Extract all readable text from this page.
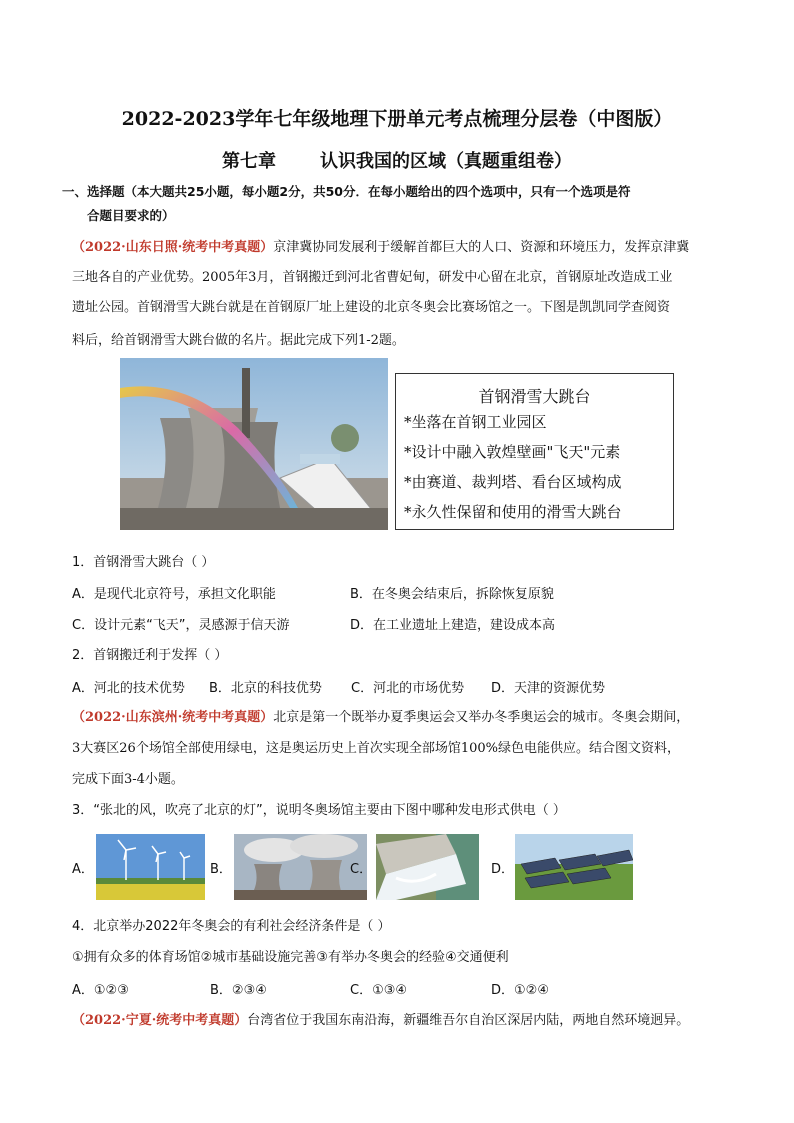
2022-2023学年七年级地理下册单元考点梳理分层卷（中图版）
第七章 认识我国的区域（真题重组卷）
一、选择题（本大题共25小题，每小题2分，共50分．在每小题给出的四个选项中，只有一个选项是符
合题目要求的）
（2022·山东日照·统考中考真题）京津冀协同发展利于缓解首都巨大的人口、资源和环境压力，发挥京津冀
三地各自的产业优势。2005年3月，首钢搬迁到河北省曹妃甸，研发中心留在北京，首钢原址改造成工业
遗址公园。首钢滑雪大跳台就是在首钢原厂址上建设的北京冬奥会比赛场馆之一。下图是凯凯同学查阅资
料后，给首钢滑雪大跳台做的名片。据此完成下列1-2题。
首钢滑雪大跳台
*坐落在首钢工业园区
*设计中融入敦煌壁画"飞天"元素
*由赛道、裁判塔、看台区域构成
*永久性保留和使用的滑雪大跳台
1．首钢滑雪大跳台（ ）
A．是现代北京符号，承担文化职能	B．在冬奥会结束后，拆除恢复原貌
C．设计元素“飞天”，灵感源于信天游	D．在工业遗址上建造，建设成本高
2．首钢搬迁利于发挥（ ）
A．河北的技术优势 B．北京的科技优势 C．河北的市场优势 D．天津的资源优势
（2022·山东滨州·统考中考真题）北京是第一个既举办夏季奥运会又举办冬季奥运会的城市。冬奥会期间，
3大赛区26个场馆全部使用绿电，这是奥运历史上首次实现全部场馆100%绿色电能供应。结合图文资料，
完成下面3-4小题。
3．“张北的风，吹亮了北京的灯”，说明冬奥场馆主要由下图中哪种发电形式供电（ ）
A．	B．	C．	D．
4．北京举办2022年冬奥会的有利社会经济条件是（ ）
①拥有众多的体育场馆②城市基础设施完善③有举办冬奥会的经验④交通便利
A．①②③	B．②③④	C．①③④	D．①②④
（2022·宁夏·统考中考真题）台湾省位于我国东南沿海，新疆维吾尔自治区深居内陆，两地自然环境迥异。
